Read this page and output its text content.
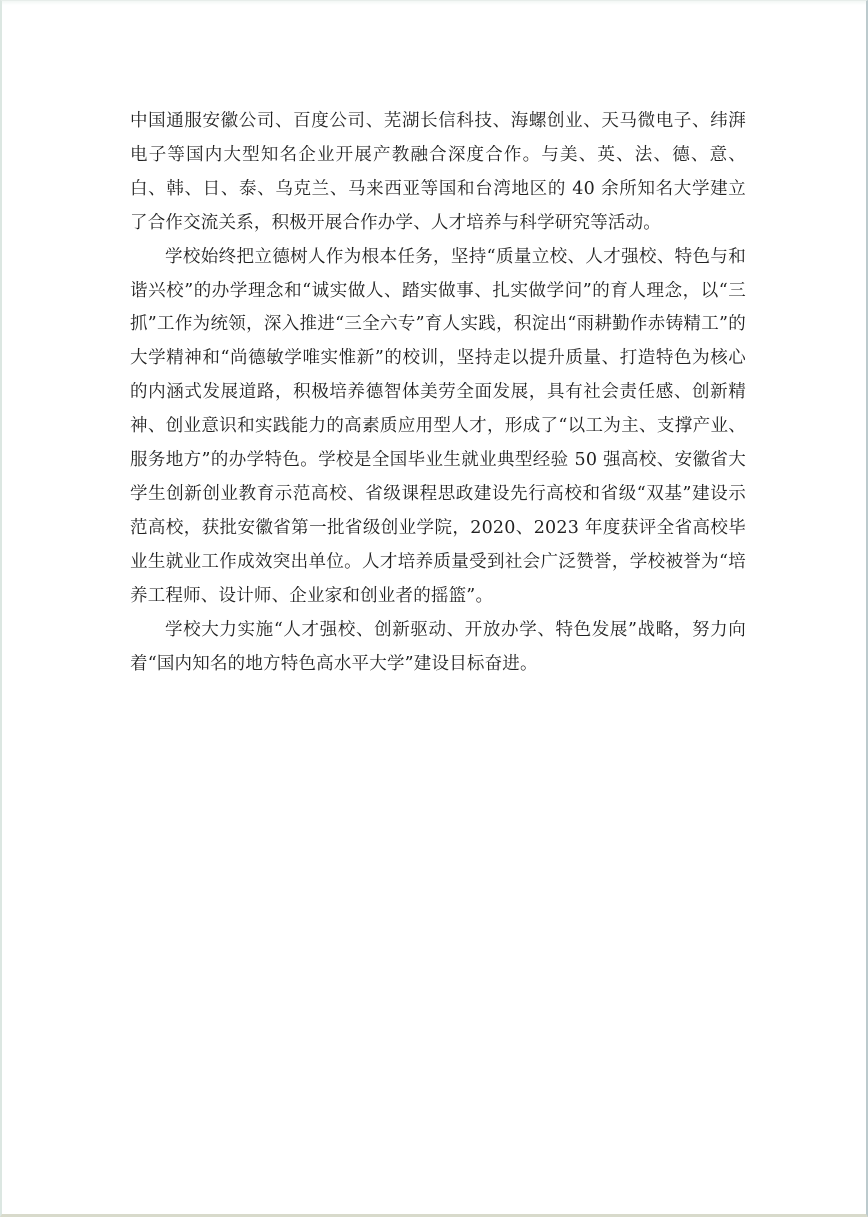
中国通服安徽公司、百度公司、芜湖长信科技、海螺创业、天马微电子、纬湃电子等国内大型知名企业开展产教融合深度合作。与美、英、法、德、意、白、韩、日、泰、乌克兰、马来西亚等国和台湾地区的 40 余所知名大学建立了合作交流关系，积极开展合作办学、人才培养与科学研究等活动。

学校始终把立德树人作为根本任务，坚持“质量立校、人才强校、特色与和谐兴校”的办学理念和“诚实做人、踏实做事、扎实做学问”的育人理念，以“三抓”工作为统领，深入推进“三全六专”育人实践，积淀出“雨耕勤作赤铸精工”的大学精神和“尚德敏学唯实惟新”的校训，坚持走以提升质量、打造特色为核心的内涵式发展道路，积极培养德智体美劳全面发展，具有社会责任感、创新精神、创业意识和实践能力的高素质应用型人才，形成了“以工为主、支撑产业、服务地方”的办学特色。学校是全国毕业生就业典型经验 50 强高校、安徽省大学生创新创业教育示范高校、省级课程思政建设先行高校和省级“双基”建设示范高校，获批安徽省第一批省级创业学院，2020、2023 年度获评全省高校毕业生就业工作成效突出单位。人才培养质量受到社会广泛赞誉，学校被誉为“培养工程师、设计师、企业家和创业者的摇篮”。

学校大力实施“人才强校、创新驱动、开放办学、特色发展”战略，努力向着“国内知名的地方特色高水平大学”建设目标奋进。
